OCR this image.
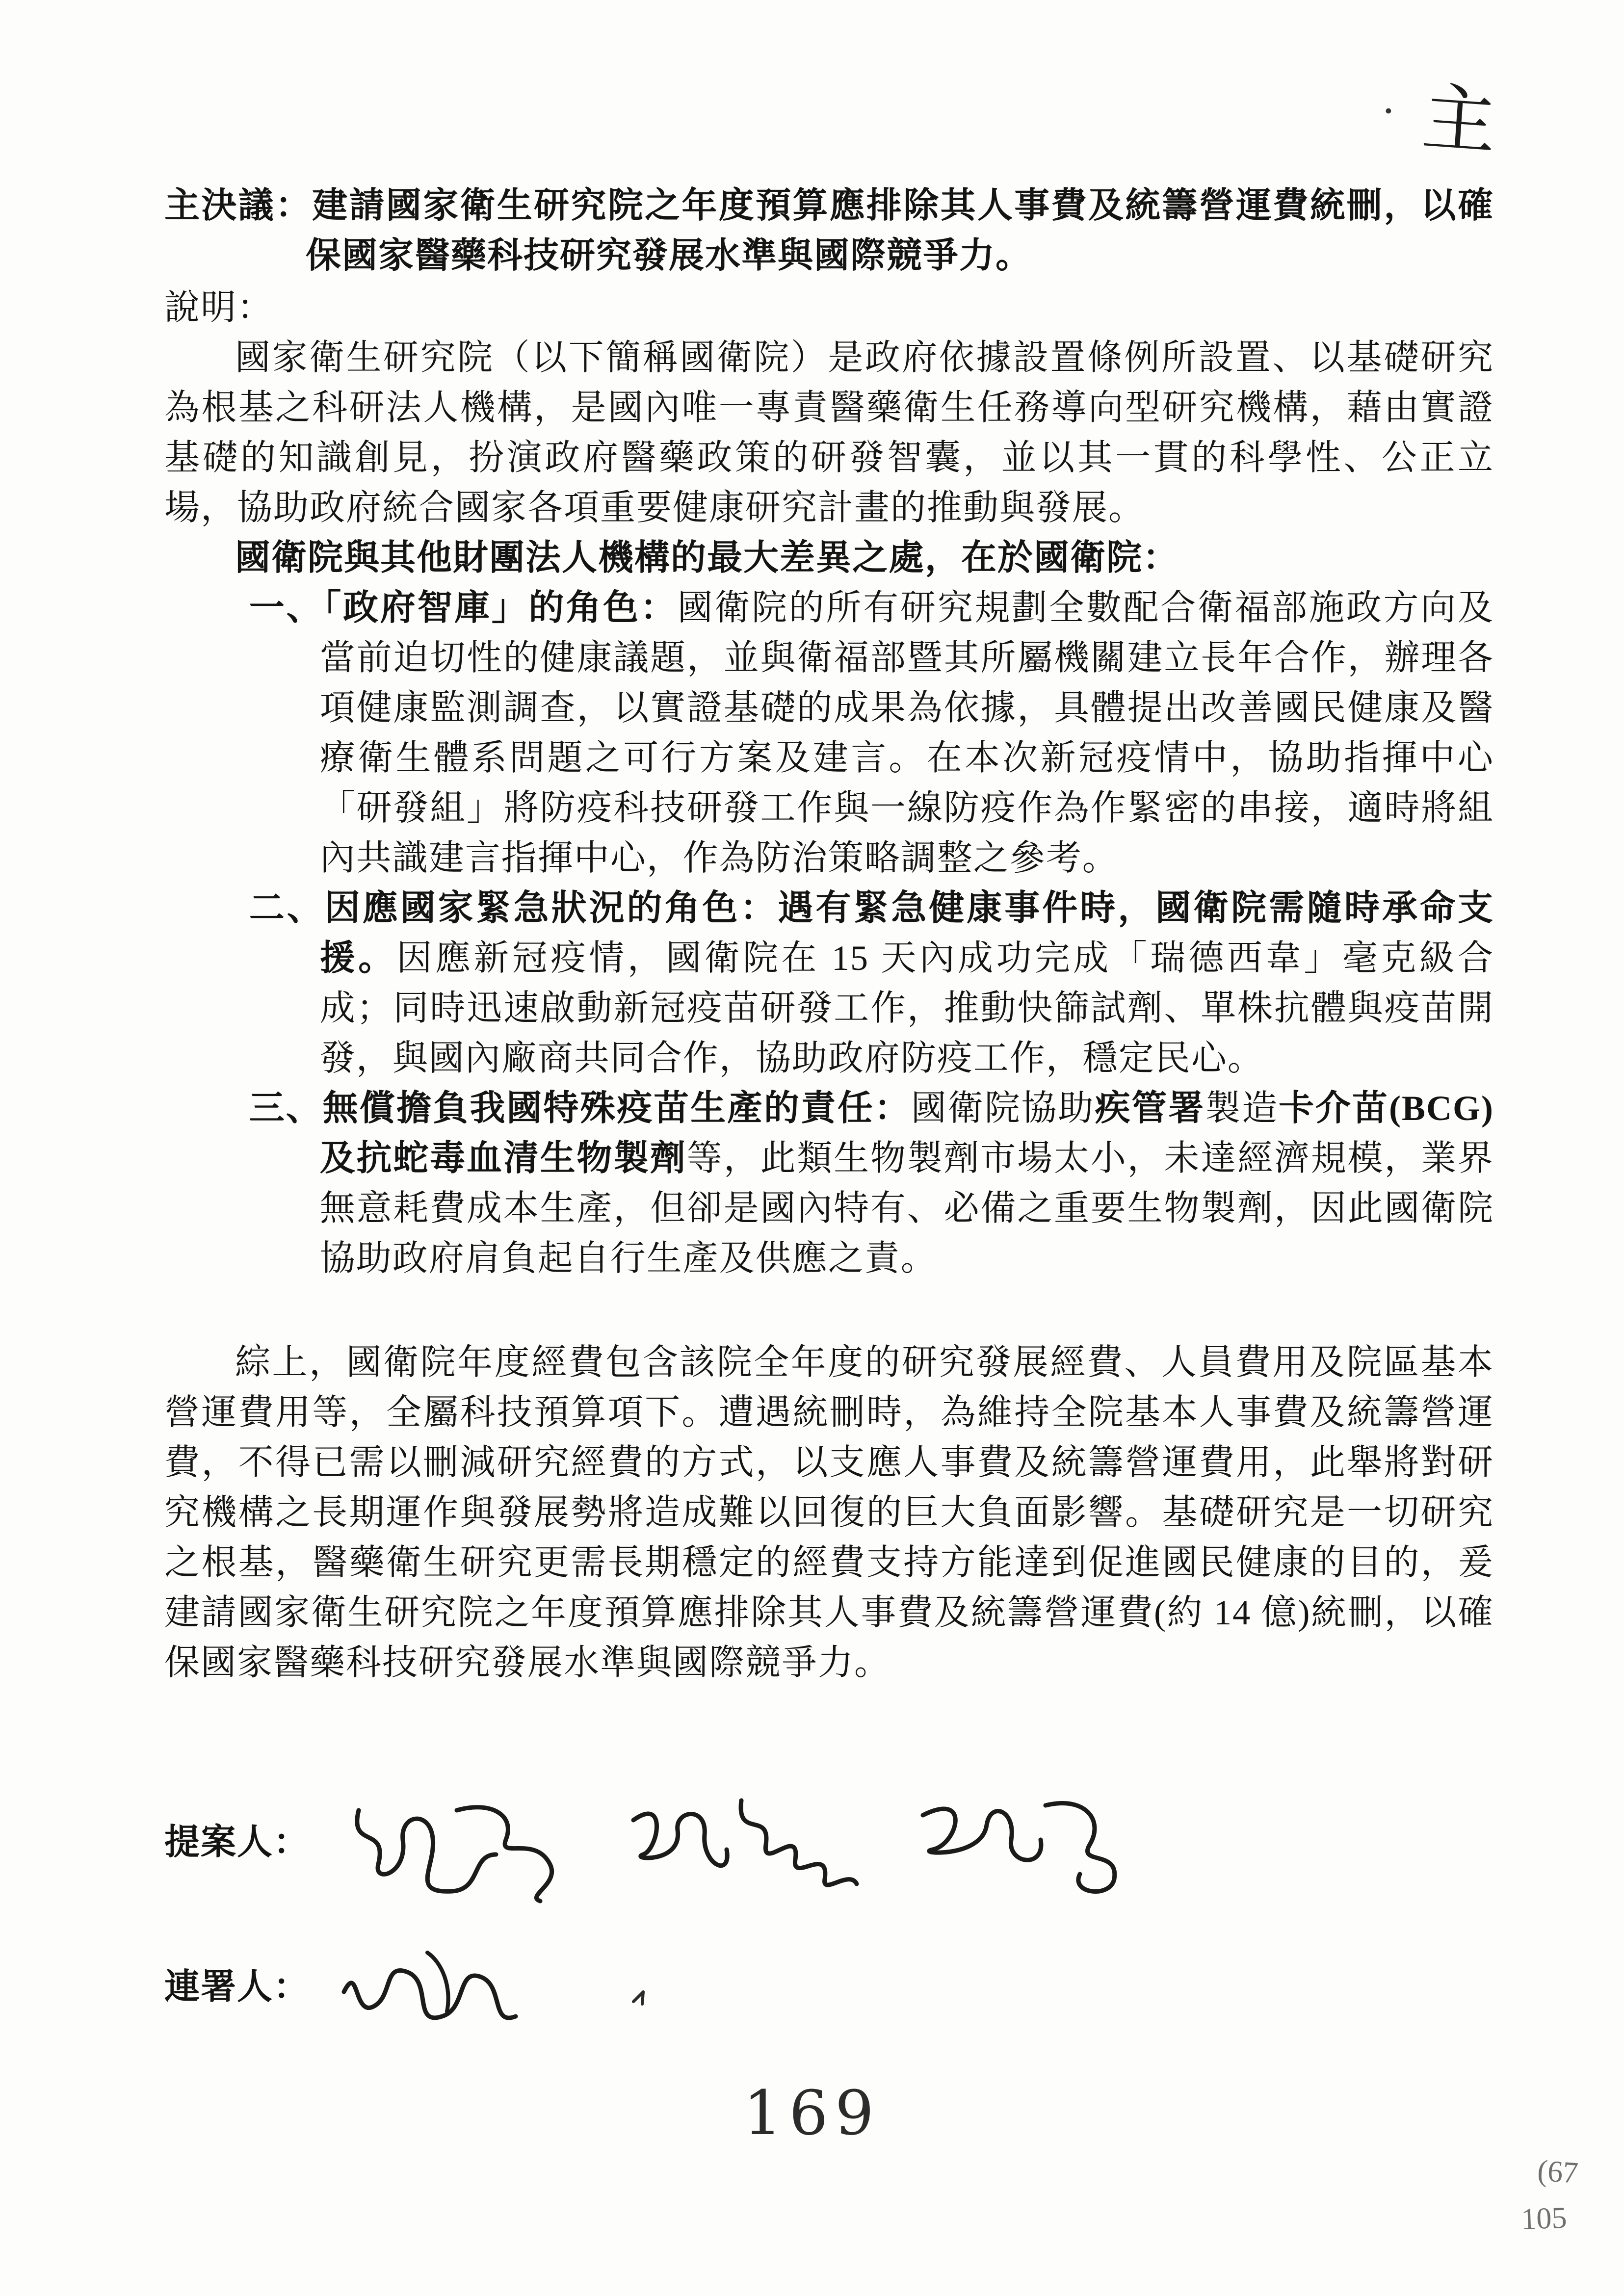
· 主
主決議：建請國家衛生研究院之年度預算應排除其人事費及統籌營運費統刪，以確保國家醫藥科技研究發展水準與國際競爭力。
說明：
國家衛生研究院（以下簡稱國衛院）是政府依據設置條例所設置、以基礎研究為根基之科研法人機構，是國內唯一專責醫藥衛生任務導向型研究機構，藉由實證基礎的知識創見，扮演政府醫藥政策的研發智囊，並以其一貫的科學性、公正立場，協助政府統合國家各項重要健康研究計畫的推動與發展。
國衛院與其他財團法人機構的最大差異之處，在於國衛院：
一、「政府智庫」的角色：國衛院的所有研究規劃全數配合衛福部施政方向及當前迫切性的健康議題，並與衛福部暨其所屬機關建立長年合作，辦理各項健康監測調查，以實證基礎的成果為依據，具體提出改善國民健康及醫療衛生體系問題之可行方案及建言。在本次新冠疫情中，協助指揮中心「研發組」將防疫科技研發工作與一線防疫作為作緊密的串接，適時將組內共識建言指揮中心，作為防治策略調整之參考。
二、因應國家緊急狀況的角色：遇有緊急健康事件時，國衛院需隨時承命支援。因應新冠疫情，國衛院在 15 天內成功完成「瑞德西韋」毫克級合成；同時迅速啟動新冠疫苗研發工作，推動快篩試劑、單株抗體與疫苗開發，與國內廠商共同合作，協助政府防疫工作，穩定民心。
三、無償擔負我國特殊疫苗生產的責任：國衛院協助疾管署製造卡介苗(BCG)及抗蛇毒血清生物製劑等，此類生物製劑市場太小，未達經濟規模，業界無意耗費成本生產，但卻是國內特有、必備之重要生物製劑，因此國衛院協助政府肩負起自行生產及供應之責。
綜上，國衛院年度經費包含該院全年度的研究發展經費、人員費用及院區基本營運費用等，全屬科技預算項下。遭遇統刪時，為維持全院基本人事費及統籌營運費，不得已需以刪減研究經費的方式，以支應人事費及統籌營運費用，此舉將對研究機構之長期運作與發展勢將造成難以回復的巨大負面影響。基礎研究是一切研究之根基，醫藥衛生研究更需長期穩定的經費支持方能達到促進國民健康的目的，爰建請國家衛生研究院之年度預算應排除其人事費及統籌營運費(約 14 億)統刪，以確保國家醫藥科技研究發展水準與國際競爭力。
提案人：
連署人：
169
(67
105
